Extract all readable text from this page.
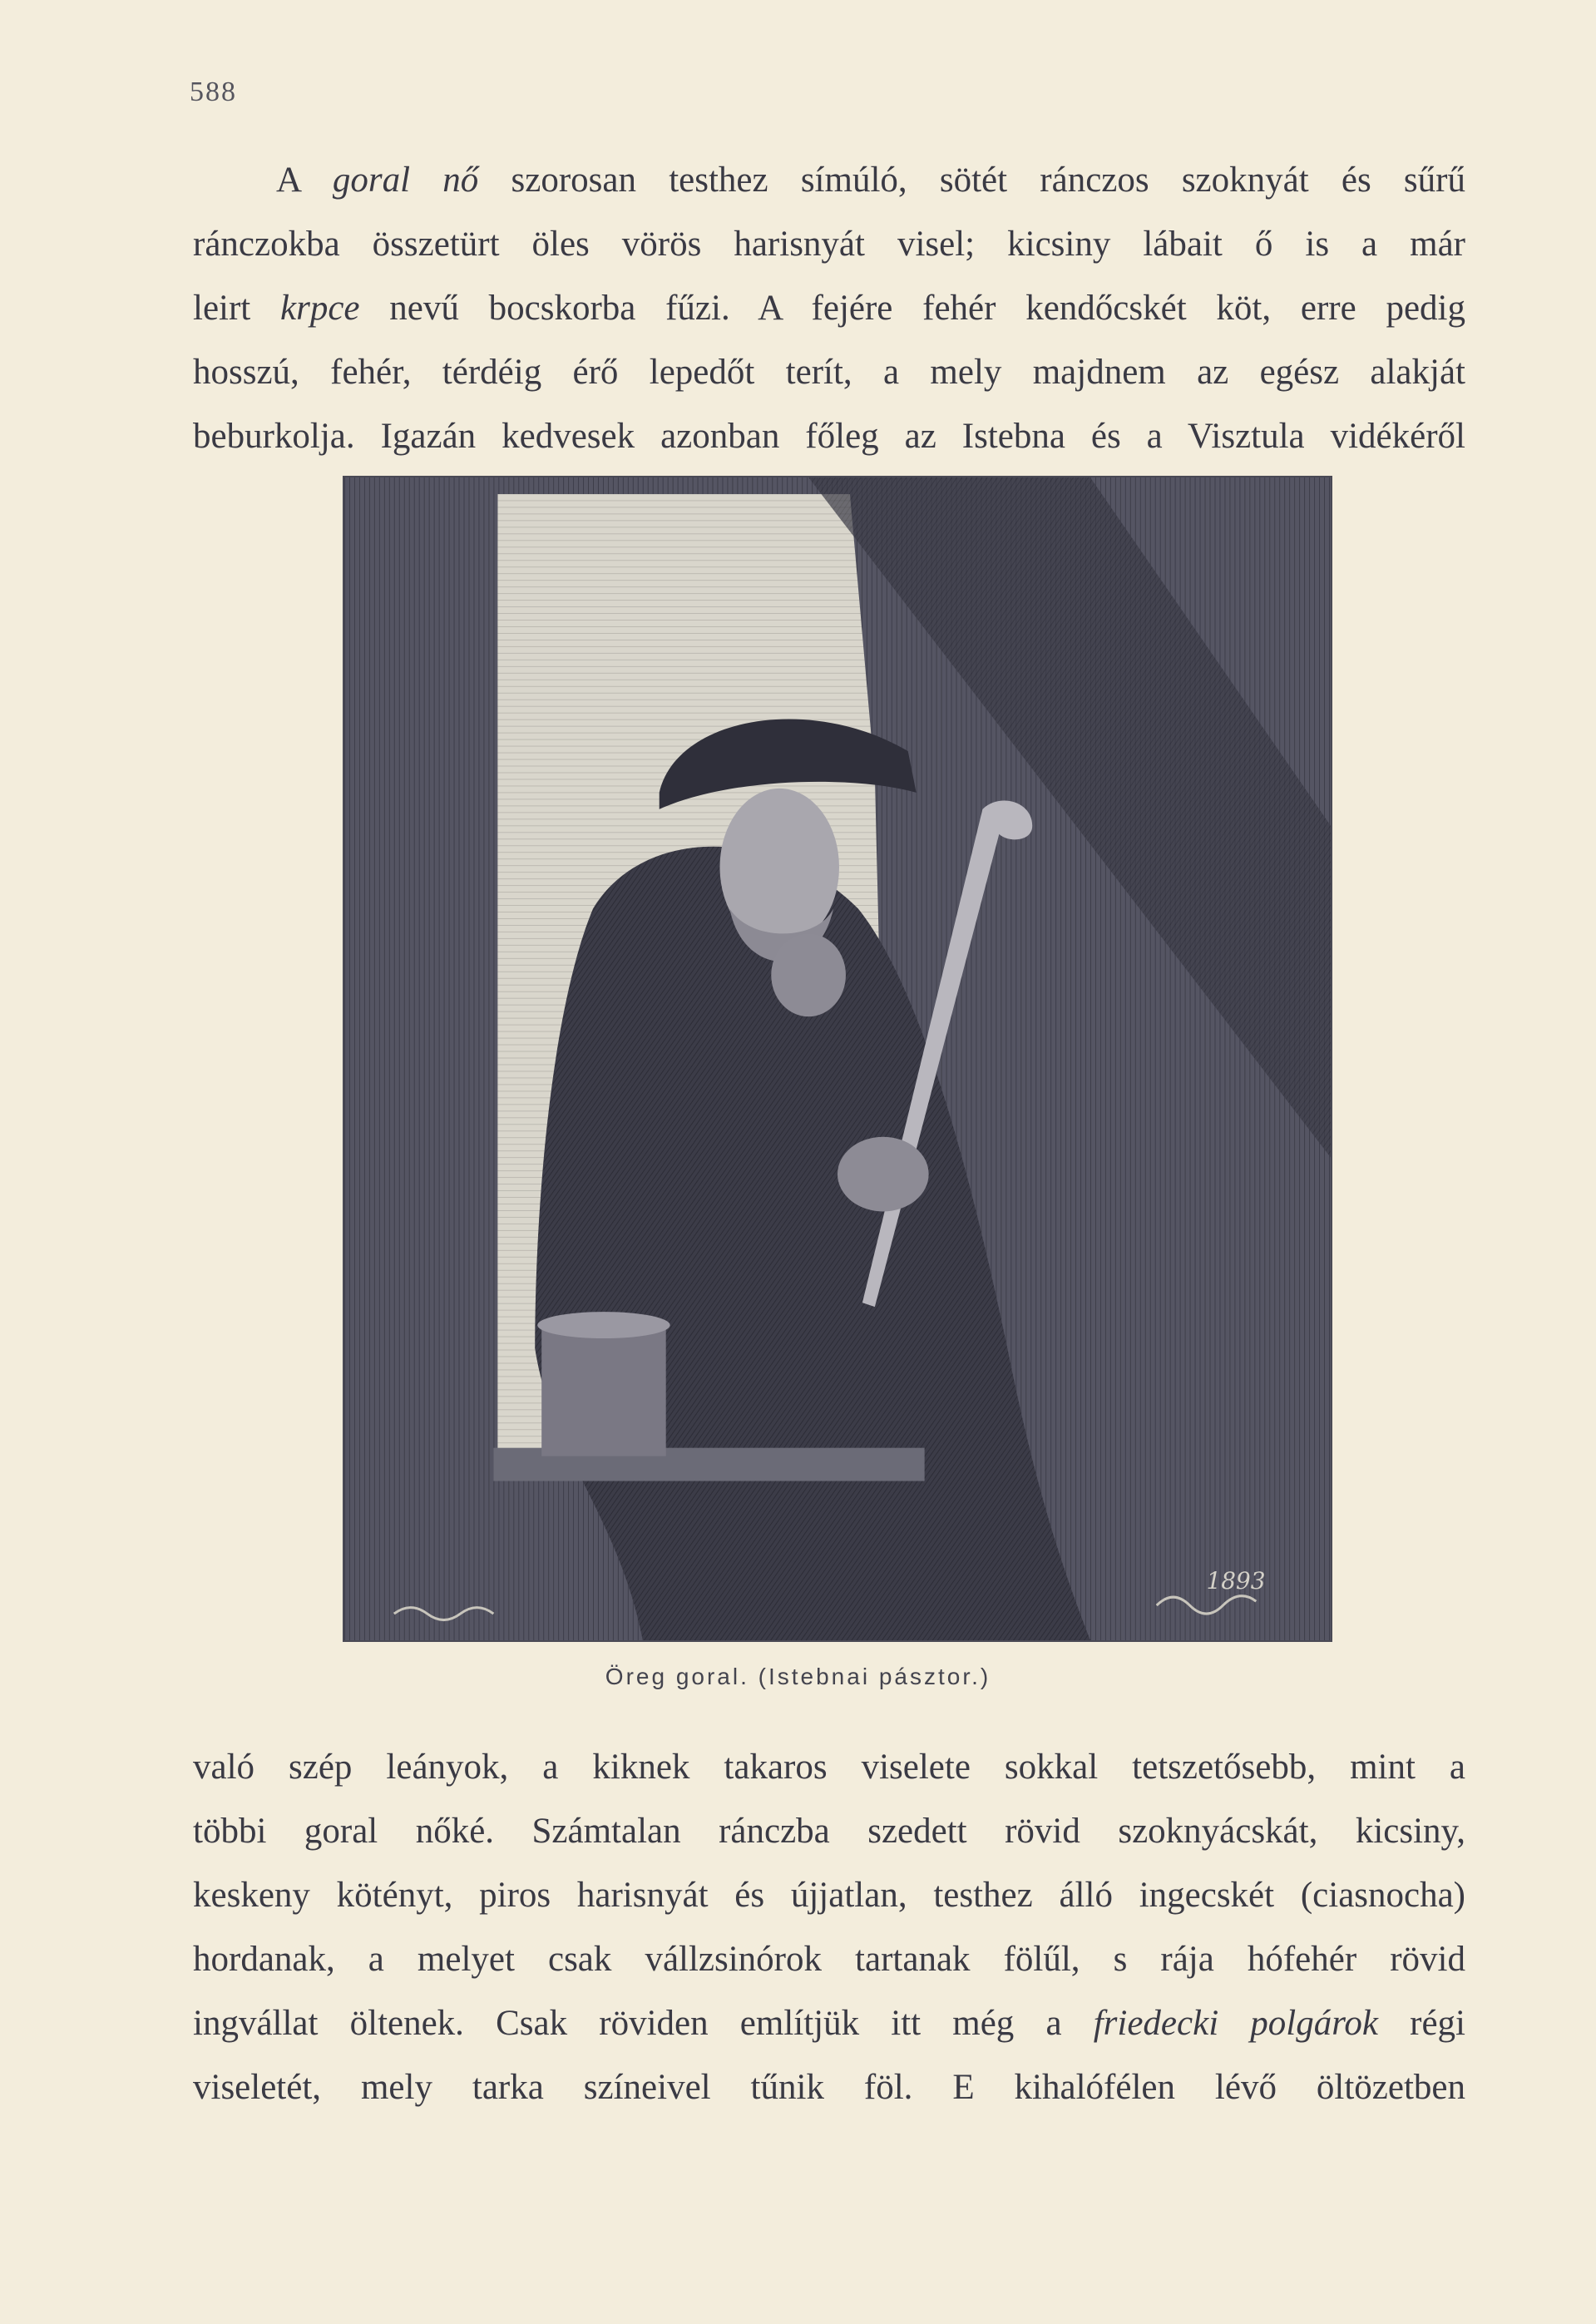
588

A goral nő szorosan testhez símúló, sötét ránczos szoknyát és sűrű
ránczokba összetürt öles vörös harisnyát visel; kicsiny lábait ő is a már
leirt krpce nevű bocskorba fűzi. A fejére fehér kendőcskét köt, erre pedig
hosszú, fehér, térdéig érő lepedőt terít, a mely majdnem az egész alakját
beburkolja. Igazán kedvesek azonban főleg az Istebna és a Visztula vidékéről

1893
Öreg goral. (Istebnai pásztor.)

való szép leányok, a kiknek takaros viselete sokkal tetszetősebb, mint a
többi goral nőké. Számtalan ránczba szedett rövid szoknyácskát, kicsiny,
keskeny kötényt, piros harisnyát és újjatlan, testhez álló ingecskét (ciasnocha)
hordanak, a melyet csak vállzsinórok tartanak fölűl, s rája hófehér rövid
ingvállat öltenek. Csak röviden említjük itt még a friedecki polgárok régi
viseletét, mely tarka színeivel tűnik föl. E kihalófélen lévő öltözetben
